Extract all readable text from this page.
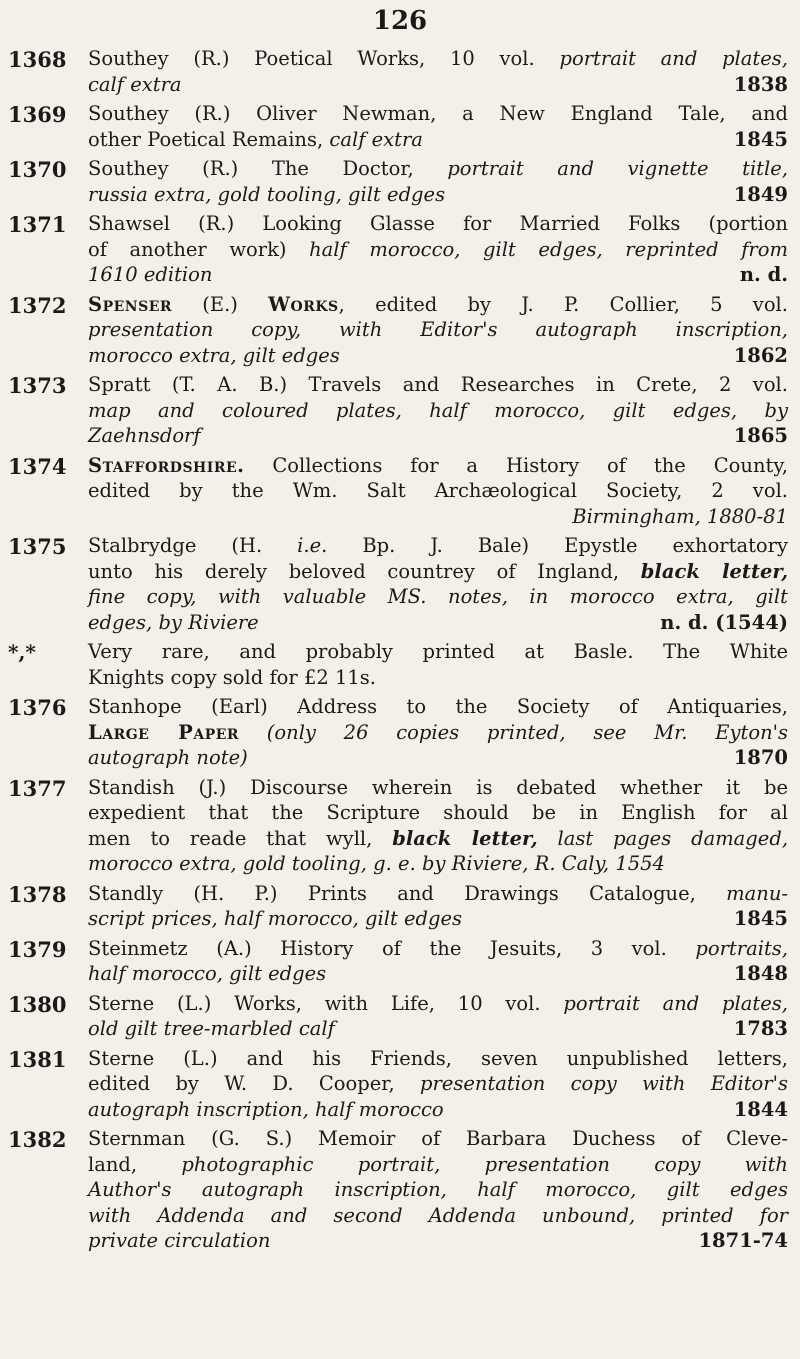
126
1368	Southey (R.) Poetical Works, 10 vol. portrait and plates,
calf extra	1838
1369	Southey (R.) Oliver Newman, a New England Tale, and
other Poetical Remains, calf extra	1845
1370	Southey (R.) The Doctor, portrait and vignette title,
russia extra, gold tooling, gilt edges	1849
1371	Shawsel (R.) Looking Glasse for Married Folks (portion
of another work) half morocco, gilt edges, reprinted from
1610 edition	n. d.
1372	Spenser (E.) Works, edited by J. P. Collier, 5 vol.
presentation copy, with Editor's autograph inscription,
morocco extra, gilt edges	1862
1373	Spratt (T. A. B.) Travels and Researches in Crete, 2 vol.
map and coloured plates, half morocco, gilt edges, by
Zaehnsdorf	1865
1374	Staffordshire. Collections for a History of the County,
edited by the Wm. Salt Archæological Society, 2 vol.
Birmingham, 1880-81
1375	Stalbrydge (H. i.e. Bp. J. Bale) Epystle exhortatory
unto his derely beloved countrey of Ingland, black letter,
fine copy, with valuable MS. notes, in morocco extra, gilt
edges, by Riviere	n. d. (1544)
*,*	Very rare, and probably printed at Basle. The White
Knights copy sold for £2 11s.
1376	Stanhope (Earl) Address to the Society of Antiquaries,
Large Paper (only 26 copies printed, see Mr. Eyton's
autograph note)	1870
1377	Standish (J.) Discourse wherein is debated whether it be
expedient that the Scripture should be in English for al
men to reade that wyll, black letter, last pages damaged,
morocco extra, gold tooling, g. e. by Riviere, R. Caly, 1554
1378	Standly (H. P.) Prints and Drawings Catalogue, manu-
script prices, half morocco, gilt edges	1845
1379	Steinmetz (A.) History of the Jesuits, 3 vol. portraits,
half morocco, gilt edges	1848
1380	Sterne (L.) Works, with Life, 10 vol. portrait and plates,
old gilt tree-marbled calf	1783
1381	Sterne (L.) and his Friends, seven unpublished letters,
edited by W. D. Cooper, presentation copy with Editor's
autograph inscription, half morocco	1844
1382	Sternman (G. S.) Memoir of Barbara Duchess of Cleve-
land, photographic portrait, presentation copy with
Author's autograph inscription, half morocco, gilt edges
with Addenda and second Addenda unbound, printed for
private circulation	1871-74
